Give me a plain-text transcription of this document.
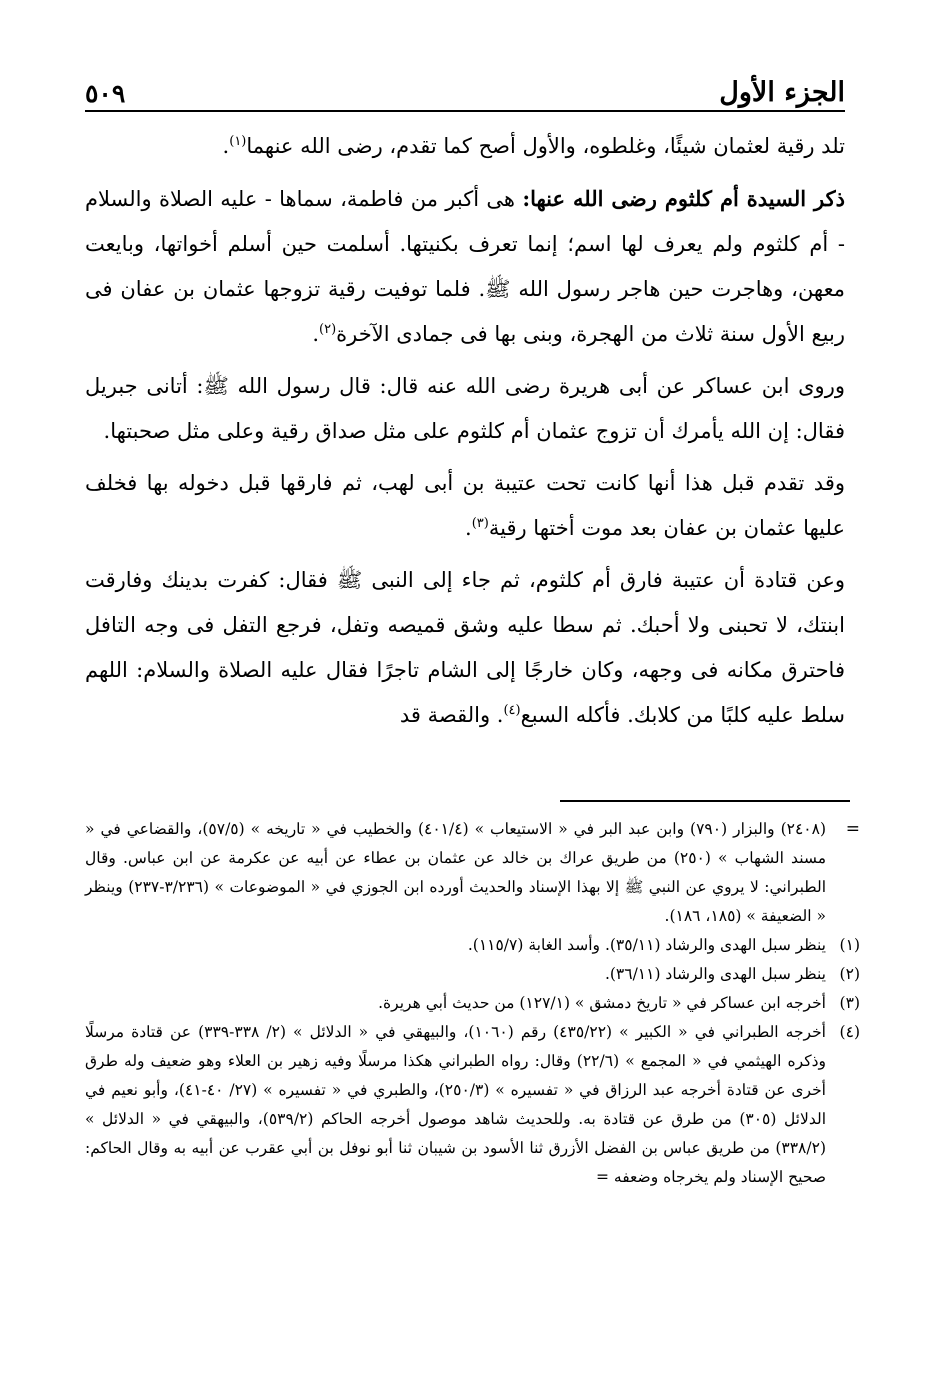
الجزء الأول
٥٠٩

تلد رقية لعثمان شيئًا، وغلطوه، والأول أصح كما تقدم، رضى الله عنهما$^{(١)}$.

ذكر السيدة أم كلثوم رضى الله عنها: هى أكبر من فاطمة، سماها - عليه الصلاة والسلام - أم كلثوم ولم يعرف لها اسم؛ إنما تعرف بكنيتها. أسلمت حين أسلم أخواتها، وبايعت معهن، وهاجرت حين هاجر رسول الله ﷺ. فلما توفيت رقية تزوجها عثمان بن عفان فى ربيع الأول سنة ثلاث من الهجرة، وبنى بها فى جمادى الآخرة$^{(٢)}$.

وروى ابن عساكر عن أبى هريرة رضى الله عنه قال: قال رسول الله ﷺ: أتانى جبريل فقال: إن الله يأمرك أن تزوج عثمان أم كلثوم على مثل صداق رقية وعلى مثل صحبتها.

وقد تقدم قبل هذا أنها كانت تحت عتيبة بن أبى لهب، ثم فارقها قبل دخوله بها فخلف عليها عثمان بن عفان بعد موت أختها رقية$^{(٣)}$.

وعن قتادة أن عتيبة فارق أم كلثوم، ثم جاء إلى النبى ﷺ فقال: كفرت بدينك وفارقت ابنتك، لا تحبنى ولا أحبك. ثم سطا عليه وشق قميصه وتفل، فرجع التفل فى وجه التافل فاحترق مكانه فى وجهه، وكان خارجًا إلى الشام تاجرًا فقال عليه الصلاة والسلام: اللهم سلط عليه كلبًا من كلابك. فأكله السبع$^{(٤)}$. والقصة قد

=
(٢٤٠٨) والبزار (٧٩٠) وابن عبد البر في « الاستيعاب » (٤٠١/٤) والخطيب في « تاريخه » (٥٧/٥)، والقضاعي في « مسند الشهاب » (٢٥٠) من طريق عراك بن خالد عن عثمان بن عطاء عن أبيه عن عكرمة عن ابن عباس. وقال الطبراني: لا يروي عن النبي ﷺ إلا بهذا الإسناد والحديث أورده ابن الجوزي في « الموضوعات » (٣/٢٣٦-٢٣٧) وينظر « الضعيفة » (١٨٥، ١٨٦).
(١)
ينظر سبل الهدى والرشاد (٣٥/١١). وأسد الغابة (١١٥/٧).
(٢)
ينظر سبل الهدى والرشاد (٣٦/١١).
(٣)
أخرجه ابن عساكر في « تاريخ دمشق » (١٢٧/١) من حديث أبي هريرة.
(٤)
أخرجه الطبراني في « الكبير » (٤٣٥/٢٢) رقم (١٠٦٠)، والبيهقي في « الدلائل » (٢/ ٣٣٨-٣٣٩) عن قتادة مرسلًا وذكره الهيثمي في « المجمع » (٢٢/٦) وقال: رواه الطبراني هكذا مرسلًا وفيه زهير بن العلاء وهو ضعيف وله طرق أخرى عن قتادة أخرجه عبد الرزاق في « تفسيره » (٢٥٠/٣)، والطبري في « تفسيره » (٢٧/ ٤٠-٤١)، وأبو نعيم في الدلائل (٣٠٥) من طرق عن قتادة به. وللحديث شاهد موصول أخرجه الحاكم (٥٣٩/٢)، والبيهقي في « الدلائل » (٣٣٨/٢) من طريق عباس بن الفضل الأزرق ثنا الأسود بن شيبان ثنا أبو نوفل بن أبي عقرب عن أبيه به وقال الحاكم: صحيح الإسناد ولم يخرجاه وضعفه =
